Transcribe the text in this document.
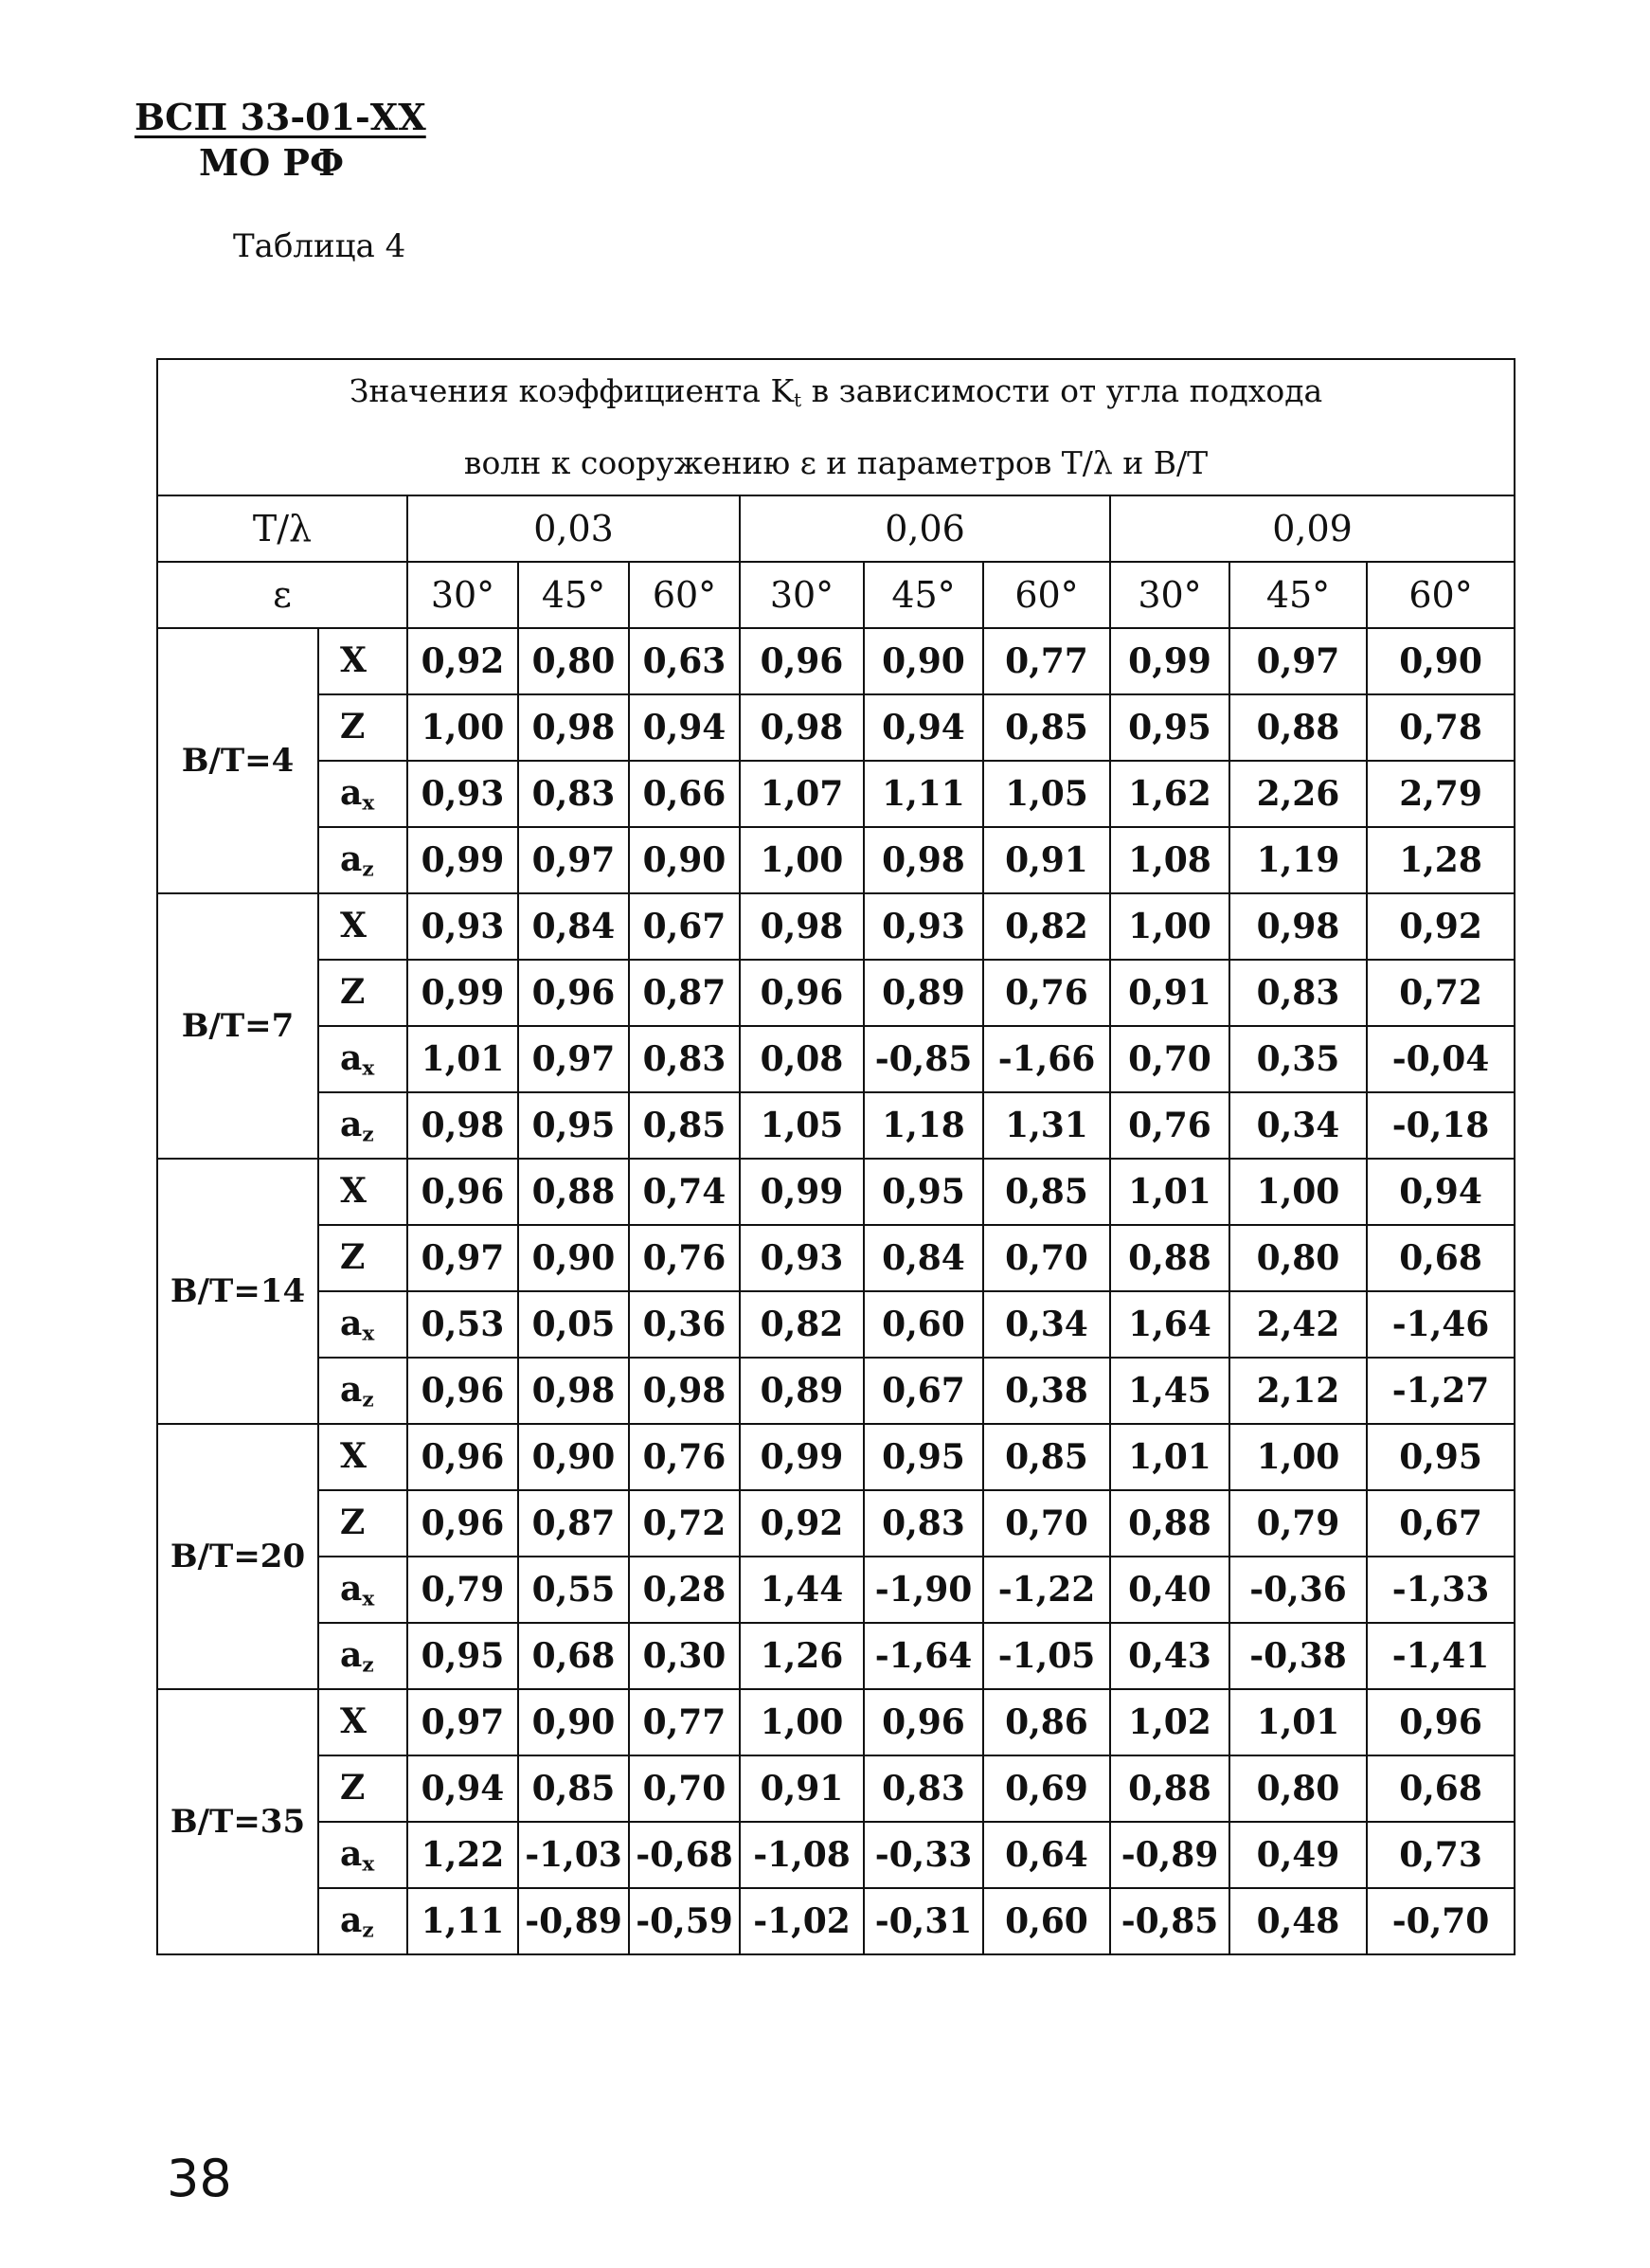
ВСП 33-01-ХХ
МО РФ
Таблица 4
Значения коэффициента $K_t$ в зависимости от угла подхода
волн к сооружению ε и параметров T/λ и B/T										
T/λ		0,03			0,06			0,09		
ε		30°	45°	60°	30°	45°	60°	30°	45°	60°
B/T=4	X	0,92	0,80	0,63	0,96	0,90	0,77	0,99	0,97	0,90
	Z	1,00	0,98	0,94	0,98	0,94	0,85	0,95	0,88	0,78
	$a_x$	0,93	0,83	0,66	1,07	1,11	1,05	1,62	2,26	2,79
	$a_z$	0,99	0,97	0,90	1,00	0,98	0,91	1,08	1,19	1,28
B/T=7	X	0,93	0,84	0,67	0,98	0,93	0,82	1,00	0,98	0,92
	Z	0,99	0,96	0,87	0,96	0,89	0,76	0,91	0,83	0,72
	$a_x$	1,01	0,97	0,83	0,08	-0,85	-1,66	0,70	0,35	-0,04
	$a_z$	0,98	0,95	0,85	1,05	1,18	1,31	0,76	0,34	-0,18
B/T=14	X	0,96	0,88	0,74	0,99	0,95	0,85	1,01	1,00	0,94
	Z	0,97	0,90	0,76	0,93	0,84	0,70	0,88	0,80	0,68
	$a_x$	0,53	0,05	0,36	0,82	0,60	0,34	1,64	2,42	-1,46
	$a_z$	0,96	0,98	0,98	0,89	0,67	0,38	1,45	2,12	-1,27
B/T=20	X	0,96	0,90	0,76	0,99	0,95	0,85	1,01	1,00	0,95
	Z	0,96	0,87	0,72	0,92	0,83	0,70	0,88	0,79	0,67
	$a_x$	0,79	0,55	0,28	1,44	-1,90	-1,22	0,40	-0,36	-1,33
	$a_z$	0,95	0,68	0,30	1,26	-1,64	-1,05	0,43	-0,38	-1,41
B/T=35	X	0,97	0,90	0,77	1,00	0,96	0,86	1,02	1,01	0,96
	Z	0,94	0,85	0,70	0,91	0,83	0,69	0,88	0,80	0,68
	$a_x$	1,22	-1,03	-0,68	-1,08	-0,33	0,64	-0,89	0,49	0,73
	$a_z$	1,11	-0,89	-0,59	-1,02	-0,31	0,60	-0,85	0,48	-0,70
38
